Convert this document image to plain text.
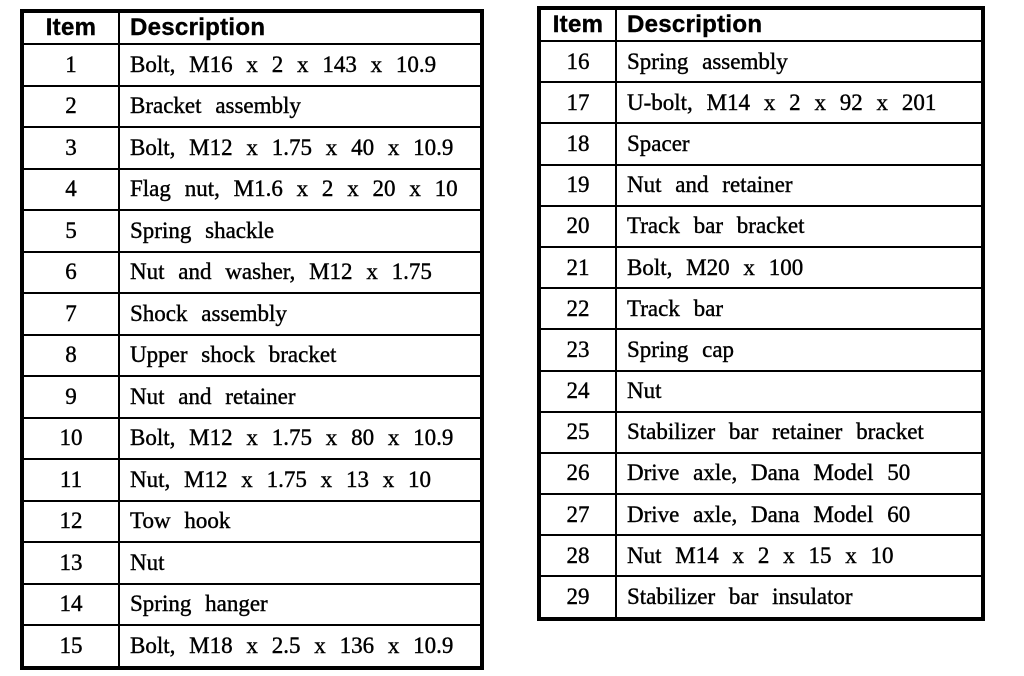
Item	Description
1	Bolt, M16 x 2 x 143 x 10.9
2	Bracket assembly
3	Bolt, M12 x 1.75 x 40 x 10.9
4	Flag nut, M1.6 x 2 x 20 x 10
5	Spring shackle
6	Nut and washer, M12 x 1.75
7	Shock assembly
8	Upper shock bracket
9	Nut and retainer
10	Bolt, M12 x 1.75 x 80 x 10.9
11	Nut, M12 x 1.75 x 13 x 10
12	Tow hook
13	Nut
14	Spring hanger
15	Bolt, M18 x 2.5 x 136 x 10.9
Item	Description
16	Spring assembly
17	U-bolt, M14 x 2 x 92 x 201
18	Spacer
19	Nut and retainer
20	Track bar bracket
21	Bolt, M20 x 100
22	Track bar
23	Spring cap
24	Nut
25	Stabilizer bar retainer bracket
26	Drive axle, Dana Model 50
27	Drive axle, Dana Model 60
28	Nut M14 x 2 x 15 x 10
29	Stabilizer bar insulator
